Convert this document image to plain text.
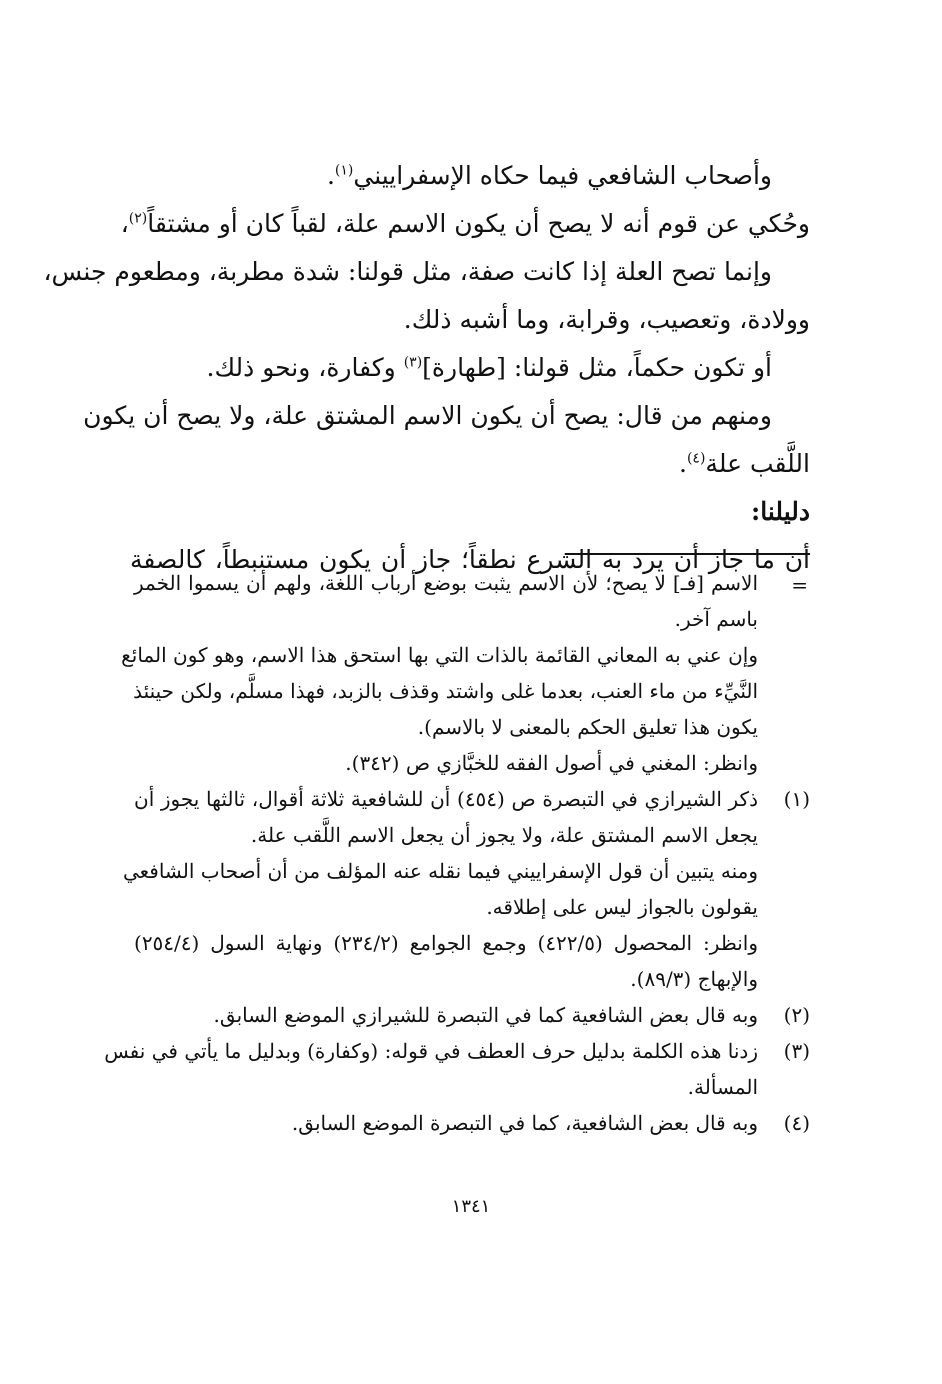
وأصحاب الشافعي فيما حكاه الإسفراييني$^{(١)}$.
وحُكي عن قوم أنه لا يصح أن يكون الاسم علة، لقباً كان أو مشتقاً$^{(٢)}$،
وإنما تصح العلة إذا كانت صفة، مثل قولنا: شدة مطربة، ومطعوم جنس،
وولادة، وتعصيب، وقرابة، وما أشبه ذلك.
أو تكون حكماً، مثل قولنا: [طهارة]$^{(٣)}$ وكفارة، ونحو ذلك.
ومنهم من قال: يصح أن يكون الاسم المشتق علة، ولا يصح أن يكون
اللَّقب علة$^{(٤)}$.
دليلنا:
أن ما جاز أن يرد به الشرع نطقاً؛ جاز أن يكون مستنبطاً، كالصفة
=
الاسم [فـ] لا يصح؛ لأن الاسم يثبت بوضع أرباب اللغة، ولهم أن يسموا الخمر
باسم آخر.
وإن عني به المعاني القائمة بالذات التي بها استحق هذا الاسم، وهو كون المائع
النَّيِّء من ماء العنب، بعدما غلى واشتد وقذف بالزبد، فهذا مسلَّم، ولكن حينئذ
يكون هذا تعليق الحكم بالمعنى لا بالاسم).
وانظر: المغني في أصول الفقه للخبَّازي ص (٣٤٢).
(١)
ذكر الشيرازي في التبصرة ص (٤٥٤) أن للشافعية ثلاثة أقوال، ثالثها يجوز أن
يجعل الاسم المشتق علة، ولا يجوز أن يجعل الاسم اللَّقب علة.
ومنه يتبين أن قول الإسفراييني فيما نقله عنه المؤلف من أن أصحاب الشافعي
يقولون بالجواز ليس على إطلاقه.
وانظر: المحصول (٤٢٢/٥) وجمع الجوامع (٢٣٤/٢) ونهاية السول (٢٥٤/٤)
والإبهاج (٨٩/٣).
(٢)
وبه قال بعض الشافعية كما في التبصرة للشيرازي الموضع السابق.
(٣)
زدنا هذه الكلمة بدليل حرف العطف في قوله: (وكفارة) وبدليل ما يأتي في نفس
المسألة.
(٤)
وبه قال بعض الشافعية، كما في التبصرة الموضع السابق.
١٣٤١
